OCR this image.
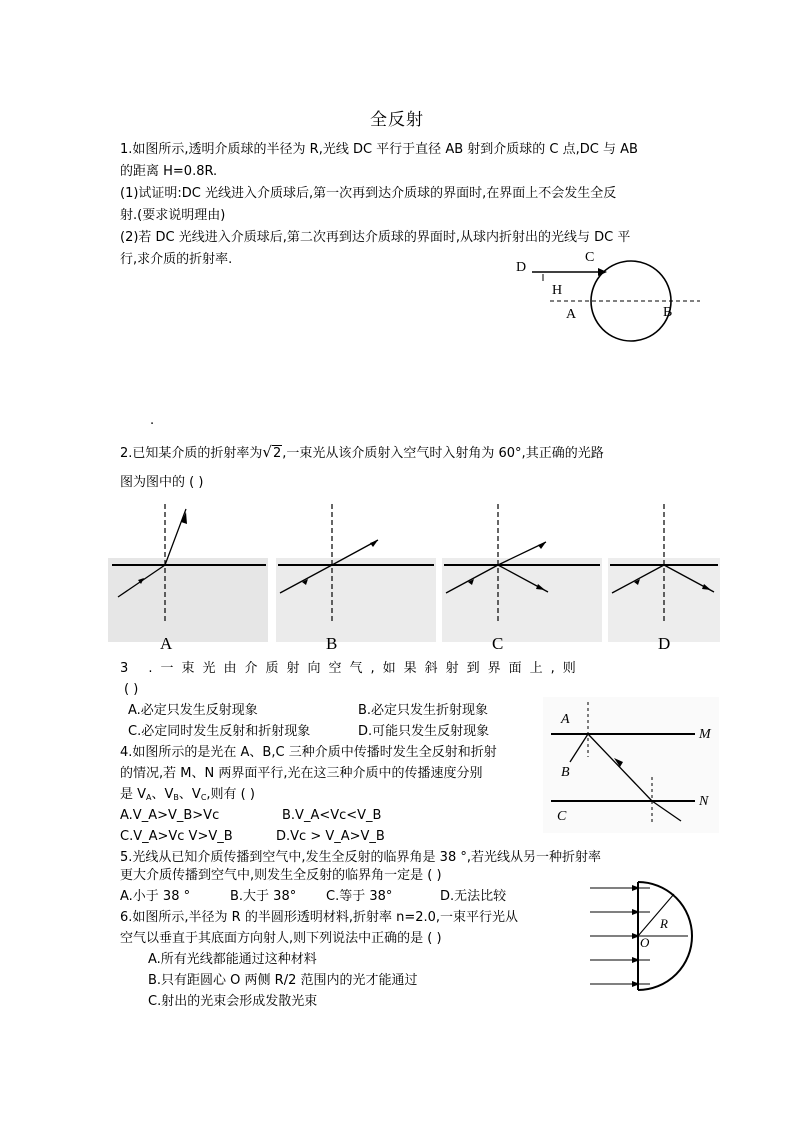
全反射
1.如图所示,透明介质球的半径为 R,光线 DC 平行于直径 AB 射到介质球的 C 点,DC 与 AB
的距离 H=0.8R.
(1)试证明:DC 光线进入介质球后,第一次再到达介质球的界面时,在界面上不会发生全反
射.(要求说明理由)
(2)若 DC 光线进入介质球后,第二次再到达介质球的界面时,从球内折射出的光线与 DC 平
行,求介质的折射率.
.
D
C
H
A	B
2.已知某介质的折射率为√2,一束光从该介质射入空气时入射角为 60°,其正确的光路
图为图中的 ( )
A	B	C	D
3 .一束光由介质射向空气,如果斜射到界面上,则
( )
A.必定只发生反射现象	B.必定只发生折射现象
C.必定同时发生反射和折射现象	D.可能只发生反射现象
4.如图所示的是光在 A、B,C 三种介质中传播时发生全反射和折射
的情况,若 M、N 两界面平行,光在这三种介质中的传播速度分别
是 $V_A$、$V_B$、$V_C$,则有 ( )
A.V_A>V_B>Vc	B.V_A<Vc<V_B
C.V_A>Vc V>V_B	D.Vc > V_A>V_B
A
B
C
M
N
5.光线从已知介质传播到空气中,发生全反射的临界角是 38 °,若光线从另一种折射率
更大介质传播到空气中,则发生全反射的临界角一定是 ( )
A.小于 38 °	B.大于 38° C.等于 38°	D.无法比较
6.如图所示,半径为 R 的半圆形透明材料,折射率 n=2.0,一束平行光从
空气以垂直于其底面方向射人,则下列说法中正确的是 ( )
A.所有光线都能通过这种材料
B.只有距圆心 O 两侧 R/2 范围内的光才能通过
C.射出的光束会形成发散光束
O
R
